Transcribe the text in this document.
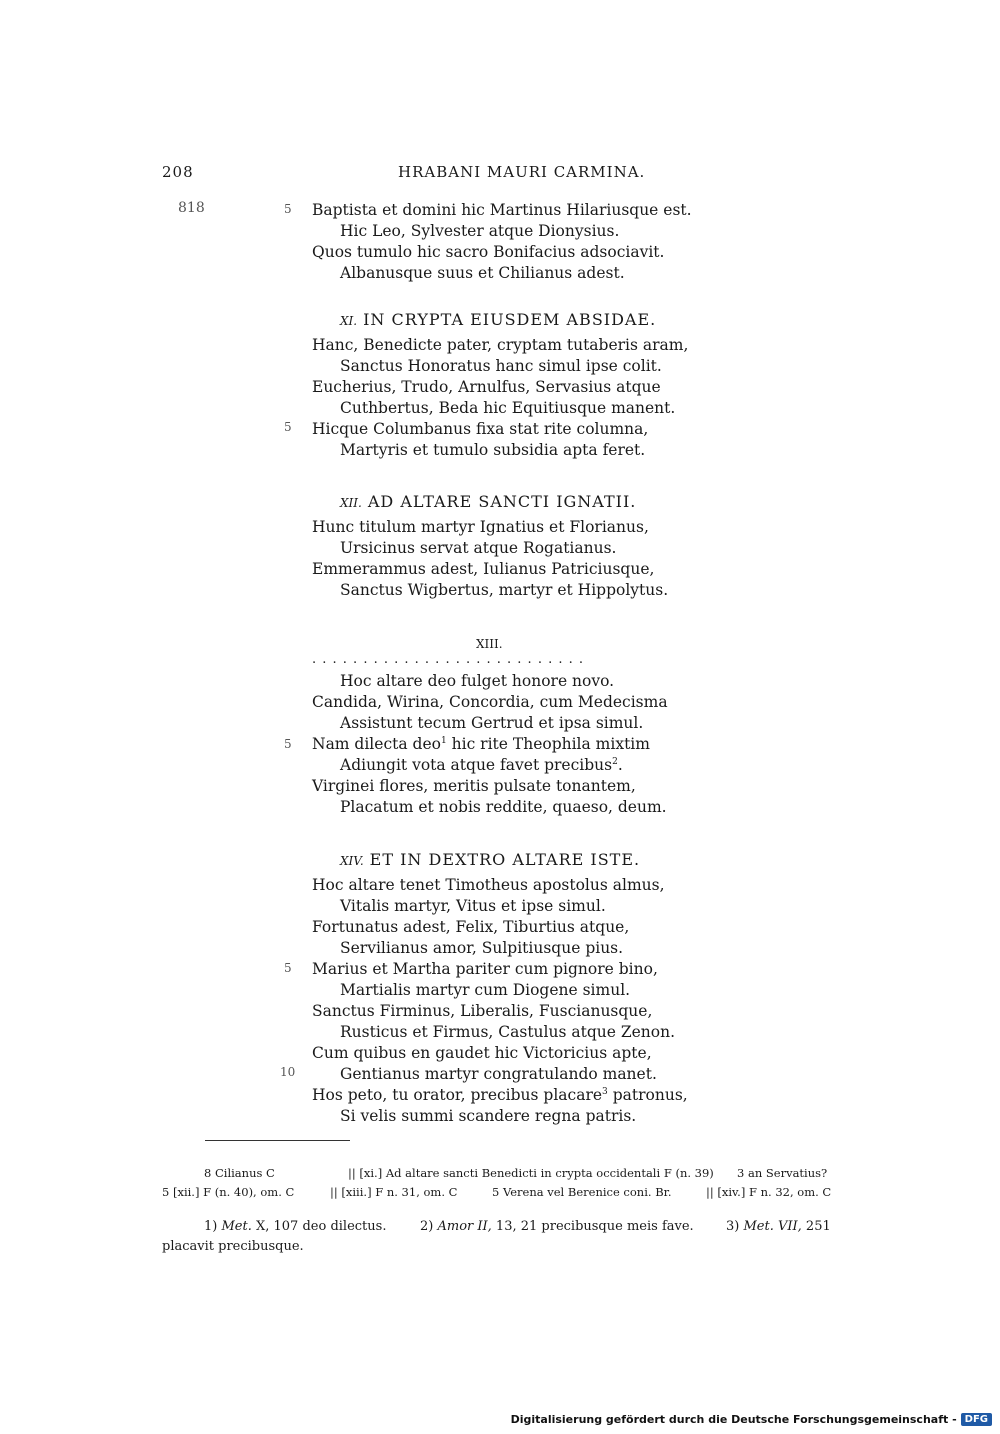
208	HRABANI MAURI CARMINA.
818	5
5
5
5
10
Baptista et domini hic Martinus Hilariusque est.
Hic Leo, Sylvester atque Dionysius.
Quos tumulo hic sacro Bonifacius adsociavit.
Albanusque suus et Chilianus adest.
XI. IN CRYPTA EIUSDEM ABSIDAE.
Hanc, Benedicte pater, cryptam tutaberis aram,
Sanctus Honoratus hanc simul ipse colit.
Eucherius, Trudo, Arnulfus, Servasius atque
Cuthbertus, Beda hic Equitiusque manent.
Hicque Columbanus fixa stat rite columna,
Martyris et tumulo subsidia apta feret.
XII. AD ALTARE SANCTI IGNATII.
Hunc titulum martyr Ignatius et Florianus,
Ursicinus servat atque Rogatianus.
Emmerammus adest, Iulianus Patriciusque,
Sanctus Wigbertus, martyr et Hippolytus.
XIII.
. . . . . . . . . . . . . . . . . . . . . . . . . . .
Hoc altare deo fulget honore novo.
Candida, Wirina, Concordia, cum Medecisma
Assistunt tecum Gertrud et ipsa simul.
Nam dilecta deo$^1$ hic rite Theophila mixtim
Adiungit vota atque favet precibus$^2$.
Virginei flores, meritis pulsate tonantem,
Placatum et nobis reddite, quaeso, deum.
XIV. ET IN DEXTRO ALTARE ISTE.
Hoc altare tenet Timotheus apostolus almus,
Vitalis martyr, Vitus et ipse simul.
Fortunatus adest, Felix, Tiburtius atque,
Servilianus amor, Sulpitiusque pius.
Marius et Martha pariter cum pignore bino,
Martialis martyr cum Diogene simul.
Sanctus Firminus, Liberalis, Fuscianusque,
Rusticus et Firmus, Castulus atque Zenon.
Cum quibus en gaudet hic Victoricius apte,
Gentianus martyr congratulando manet.
Hos peto, tu orator, precibus placare$^3$ patronus,
Si velis summi scandere regna patris.
8 Cilianus C	|| [xi.] Ad altare sancti Benedicti in crypta occidentali F (n. 39) 3 an Servatius?
5 [xii.] F (n. 40), om. C	|| [xiii.] F n. 31, om. C	5 Verena vel Berenice coni. Br.	|| [xiv.] F n. 32, om. C
1) Met. X, 107 deo dilectus.	2) Amor II, 13, 21 precibusque meis fave. 3) Met. VII, 251
placavit precibusque.
Digitalisierung gefördert durch die Deutsche Forschungsgemeinschaft - DFG
